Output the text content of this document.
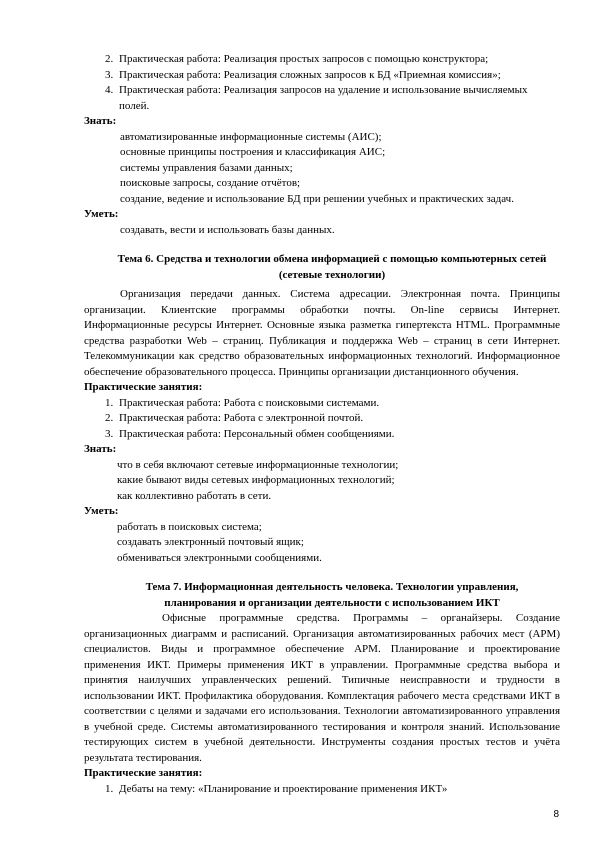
2. Практическая работа: Реализация простых запросов с помощью конструктора;
3. Практическая работа: Реализация сложных запросов к БД «Приемная комиссия»;
4. Практическая работа: Реализация запросов на удаление и использование вычисляемых полей.
Знать:
автоматизированные информационные системы (АИС);
основные принципы построения и классификация АИС;
системы управления базами данных;
поисковые запросы, создание отчётов;
создание, ведение и использование БД при решении учебных и практических задач.
Уметь:
создавать, вести и использовать базы данных.
Тема 6. Средства и технологии обмена информацией с помощью компьютерных сетей (сетевые технологии)

Организация передачи данных. Система адресации. Электронная почта. Принципы организации. Клиентские программы обработки почты. On-line сервисы Интернет. Информационные ресурсы Интернет. Основные языка разметка гипертекста HTML. Программные средства разработки Web – страниц. Публикация и поддержка Web – страниц в сети Интернет. Телекоммуникации как средство образовательных информационных технологий. Информационное обеспечение образовательного процесса. Принципы организации дистанционного обучения.

Практические занятия:
1. Практическая работа: Работа с поисковыми системами.
2. Практическая работа: Работа с электронной почтой.
3. Практическая работа: Персональный обмен сообщениями.
Знать:
что в себя включают сетевые информационные технологии;
какие бывают виды сетевых информационных технологий;
как коллективно работать в сети.
Уметь:
работать в поисковых система;
создавать электронный почтовый ящик;
обмениваться электронными сообщениями.
Тема 7. Информационная деятельность человека. Технологии управления, планирования и организации деятельности с использованием ИКТ

Офисные программные средства. Программы – органайзеры. Создание организационных диаграмм и расписаний. Организация автоматизированных рабочих мест (АРМ) специалистов. Виды и программное обеспечение АРМ. Планирование и проектирование применения ИКТ. Примеры применения ИКТ в управлении. Программные средства выбора и принятия наилучших управленческих решений. Типичные неисправности и трудности в использовании ИКТ. Профилактика оборудования. Комплектация рабочего места средствами ИКТ в соответствии с целями и задачами его использования. Технологии автоматизированного управления в учебной среде. Системы автоматизированного тестирования и контроля знаний. Использование тестирующих систем в учебной деятельности. Инструменты создания простых тестов и учёта результата тестирования.

Практические занятия:
1. Дебаты на тему: «Планирование и проектирование применения ИКТ»
8
